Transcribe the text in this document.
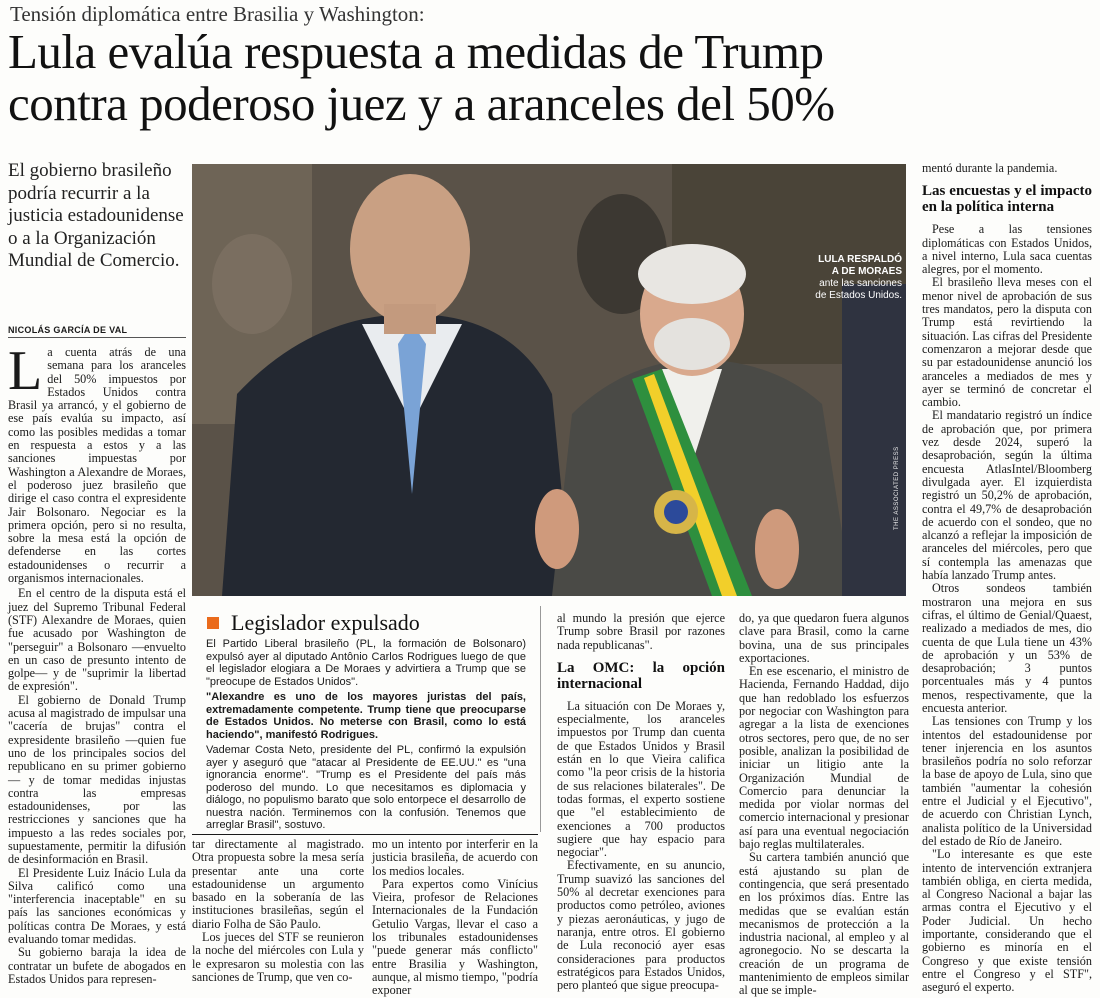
Tensión diplomática entre Brasilia y Washington:
Lula evalúa respuesta a medidas de Trump
contra poderoso juez y a aranceles del 50%
El gobierno brasileño podría recurrir a la justicia estadounidense o a la Organización Mundial de Comercio.
NICOLÁS GARCÍA DE VAL

La cuenta atrás de una semana para los aranceles del 50% impuestos por Estados Unidos contra Brasil ya arrancó, y el gobierno de ese país evalúa su impacto, así como las posibles medidas a tomar en respuesta a estos y a las sanciones impuestas por Washington a Alexandre de Moraes, el poderoso juez brasileño que dirige el caso contra el expresidente Jair Bolsonaro. Negociar es la primera opción, pero si no resulta, sobre la mesa está la opción de defenderse en las cortes estadounidenses o recurrir a organismos internacionales.

En el centro de la disputa está el juez del Supremo Tribunal Federal (STF) Alexandre de Moraes, quien fue acusado por Washington de "perseguir" a Bolsonaro —envuelto en un caso de presunto intento de golpe— y de "suprimir la libertad de expresión".

El gobierno de Donald Trump acusa al magistrado de impulsar una "cacería de brujas" contra el expresidente brasileño —quien fue uno de los principales socios del republicano en su primer gobierno— y de tomar medidas injustas contra las empresas estadounidenses, por las restricciones y sanciones que ha impuesto a las redes sociales por, supuestamente, permitir la difusión de desinformación en Brasil.

El Presidente Luiz Inácio Lula da Silva calificó como una "interferencia inaceptable" en su país las sanciones económicas y políticas contra De Moraes, y está evaluando tomar medidas.

Su gobierno baraja la idea de contratar un bufete de abogados en Estados Unidos para represen-

LULA RESPALDÓ
A DE MORAES
ante las sanciones
de Estados Unidos.
THE ASSOCIATED PRESS
Legislador expulsado

El Partido Liberal brasileño (PL, la formación de Bolsonaro) expulsó ayer al diputado Antônio Carlos Rodrigues luego de que el legislador elogiara a De Moraes y advirtiera a Trump que se "preocupe de Estados Unidos".

"Alexandre es uno de los mayores juristas del país, extremadamente competente. Trump tiene que preocuparse de Estados Unidos. No meterse con Brasil, como lo está haciendo", manifestó Rodrigues.

Vademar Costa Neto, presidente del PL, confirmó la expulsión ayer y aseguró que "atacar al Presidente de EE.UU." es "una ignorancia enorme". "Trump es el Presidente del país más poderoso del mundo. Lo que necesitamos es diplomacia y diálogo, no populismo barato que solo entorpece el desarrollo de nuestra nación. Terminemos con la confusión. Tenemos que arreglar Brasil", sostuvo.

tar directamente al magistrado. Otra propuesta sobre la mesa sería presentar ante una corte estadounidense un argumento basado en la soberanía de las instituciones brasileñas, según el diario Folha de São Paulo.

Los jueces del STF se reunieron la noche del miércoles con Lula y le expresaron su molestia con las sanciones de Trump, que ven co-

mo un intento por interferir en la justicia brasileña, de acuerdo con los medios locales.

Para expertos como Vinícius Vieira, profesor de Relaciones Internacionales de la Fundación Getulio Vargas, llevar el caso a los tribunales estadounidenses "puede generar más conflicto" entre Brasilia y Washington, aunque, al mismo tiempo, "podría exponer

al mundo la presión que ejerce Trump sobre Brasil por razones nada republicanas".

La OMC: la opción internacional

La situación con De Moraes y, especialmente, los aranceles impuestos por Trump dan cuenta de que Estados Unidos y Brasil están en lo que Vieira califica como "la peor crisis de la historia de sus relaciones bilaterales". De todas formas, el experto sostiene que "el establecimiento de exenciones a 700 productos sugiere que hay espacio para negociar".

Efectivamente, en su anuncio, Trump suavizó las sanciones del 50% al decretar exenciones para productos como petróleo, aviones y piezas aeronáuticas, y jugo de naranja, entre otros. El gobierno de Lula reconoció ayer esas consideraciones para productos estratégicos para Estados Unidos, pero planteó que sigue preocupa-

do, ya que quedaron fuera algunos clave para Brasil, como la carne bovina, una de sus principales exportaciones.

En ese escenario, el ministro de Hacienda, Fernando Haddad, dijo que han redoblado los esfuerzos por negociar con Washington para agregar a la lista de exenciones otros sectores, pero que, de no ser posible, analizan la posibilidad de iniciar un litigio ante la Organización Mundial de Comercio para denunciar la medida por violar normas del comercio internacional y presionar así para una eventual negociación bajo reglas multilaterales.

Su cartera también anunció que está ajustando su plan de contingencia, que será presentado en los próximos días. Entre las medidas que se evalúan están mecanismos de protección a la industria nacional, al empleo y al agronegocio. No se descarta la creación de un programa de mantenimiento de empleos similar al que se imple-

mentó durante la pandemia.

Las encuestas y el impacto en la política interna

Pese a las tensiones diplomáticas con Estados Unidos, a nivel interno, Lula saca cuentas alegres, por el momento.

El brasileño lleva meses con el menor nivel de aprobación de sus tres mandatos, pero la disputa con Trump está revirtiendo la situación. Las cifras del Presidente comenzaron a mejorar desde que su par estadounidense anunció los aranceles a mediados de mes y ayer se terminó de concretar el cambio.

El mandatario registró un índice de aprobación que, por primera vez desde 2024, superó la desaprobación, según la última encuesta AtlasIntel/Bloomberg divulgada ayer. El izquierdista registró un 50,2% de aprobación, contra el 49,7% de desaprobación de acuerdo con el sondeo, que no alcanzó a reflejar la imposición de aranceles del miércoles, pero que sí contempla las amenazas que había lanzado Trump antes.

Otros sondeos también mostraron una mejora en sus cifras, el último de Genial/Quaest, realizado a mediados de mes, dio cuenta de que Lula tiene un 43% de aprobación y un 53% de desaprobación; 3 puntos porcentuales más y 4 puntos menos, respectivamente, que la encuesta anterior.

Las tensiones con Trump y los intentos del estadounidense por tener injerencia en los asuntos brasileños podría no solo reforzar la base de apoyo de Lula, sino que también "aumentar la cohesión entre el Judicial y el Ejecutivo", de acuerdo con Christian Lynch, analista político de la Universidad del estado de Río de Janeiro.

"Lo interesante es que este intento de intervención extranjera también obliga, en cierta medida, al Congreso Nacional a bajar las armas contra el Ejecutivo y el Poder Judicial. Un hecho importante, considerando que el gobierno es minoría en el Congreso y que existe tensión entre el Congreso y el STF", aseguró el experto.
